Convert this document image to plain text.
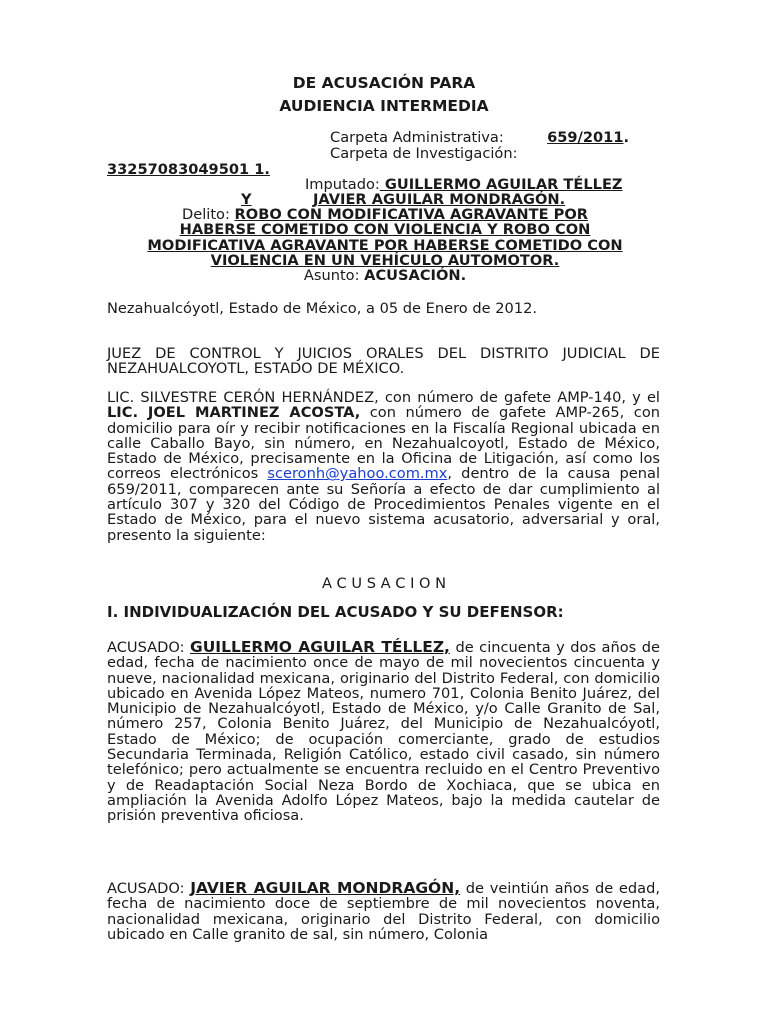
DE ACUSACIÓN PARA
AUDIENCIA INTERMEDIA
Carpeta Administrativa:	659/2011.
Carpeta de Investigación:
33257083049501 1.
Imputado: GUILLERMO AGUILAR TÉLLEZ
Y	JAVIER AGUILAR MONDRAGÓN.
Delito: ROBO CON MODIFICATIVA AGRAVANTE POR
HABERSE COMETIDO CON VIOLENCIA Y ROBO CON
MODIFICATIVA AGRAVANTE POR HABERSE COMETIDO CON
VIOLENCIA EN UN VEHÍCULO AUTOMOTOR.
Asunto: ACUSACIÓN.
Nezahualcóyotl, Estado de México, a 05 de Enero de 2012.
JUEZ DE CONTROL Y JUICIOS ORALES DEL DISTRITO JUDICIAL DE NEZAHUALCOYOTL, ESTADO DE MÉXICO.
LIC. SILVESTRE CERÓN HERNÁNDEZ, con número de gafete AMP-140, y el LIC. JOEL MARTINEZ ACOSTA, con número de gafete AMP-265, con domicilio para oír y recibir notificaciones en la Fiscalía Regional ubicada en calle Caballo Bayo, sin número, en Nezahualcoyotl, Estado de México, Estado de México, precisamente en la Oficina de Litigación, así como los correos electrónicos sceronh@yahoo.com.mx, dentro de la causa penal 659/2011, comparecen ante su Señoría a efecto de dar cumplimiento al artículo 307 y 320 del Código de Procedimientos Penales vigente en el Estado de México, para el nuevo sistema acusatorio, adversarial y oral, presento la siguiente:
A C U S A C I O N
I. INDIVIDUALIZACIÓN DEL ACUSADO Y SU DEFENSOR:
ACUSADO: GUILLERMO AGUILAR TÉLLEZ, de cincuenta y dos años de edad, fecha de nacimiento once de mayo de mil novecientos cincuenta y nueve, nacionalidad mexicana, originario del Distrito Federal, con domicilio ubicado en Avenida López Mateos, numero 701, Colonia Benito Juárez, del Municipio de Nezahualcóyotl, Estado de México, y/o Calle Granito de Sal, número 257, Colonia Benito Juárez, del Municipio de Nezahualcóyotl, Estado de México; de ocupación comerciante, grado de estudios Secundaria Terminada, Religión Católico, estado civil casado, sin número telefónico; pero actualmente se encuentra recluido en el Centro Preventivo y de Readaptación Social Neza Bordo de Xochiaca, que se ubica en ampliación la Avenida Adolfo López Mateos, bajo la medida cautelar de prisión preventiva oficiosa.
ACUSADO: JAVIER AGUILAR MONDRAGÓN, de veintiún años de edad, fecha de nacimiento doce de septiembre de mil novecientos noventa, nacionalidad mexicana, originario del Distrito Federal, con domicilio ubicado en Calle granito de sal, sin número, Colonia
